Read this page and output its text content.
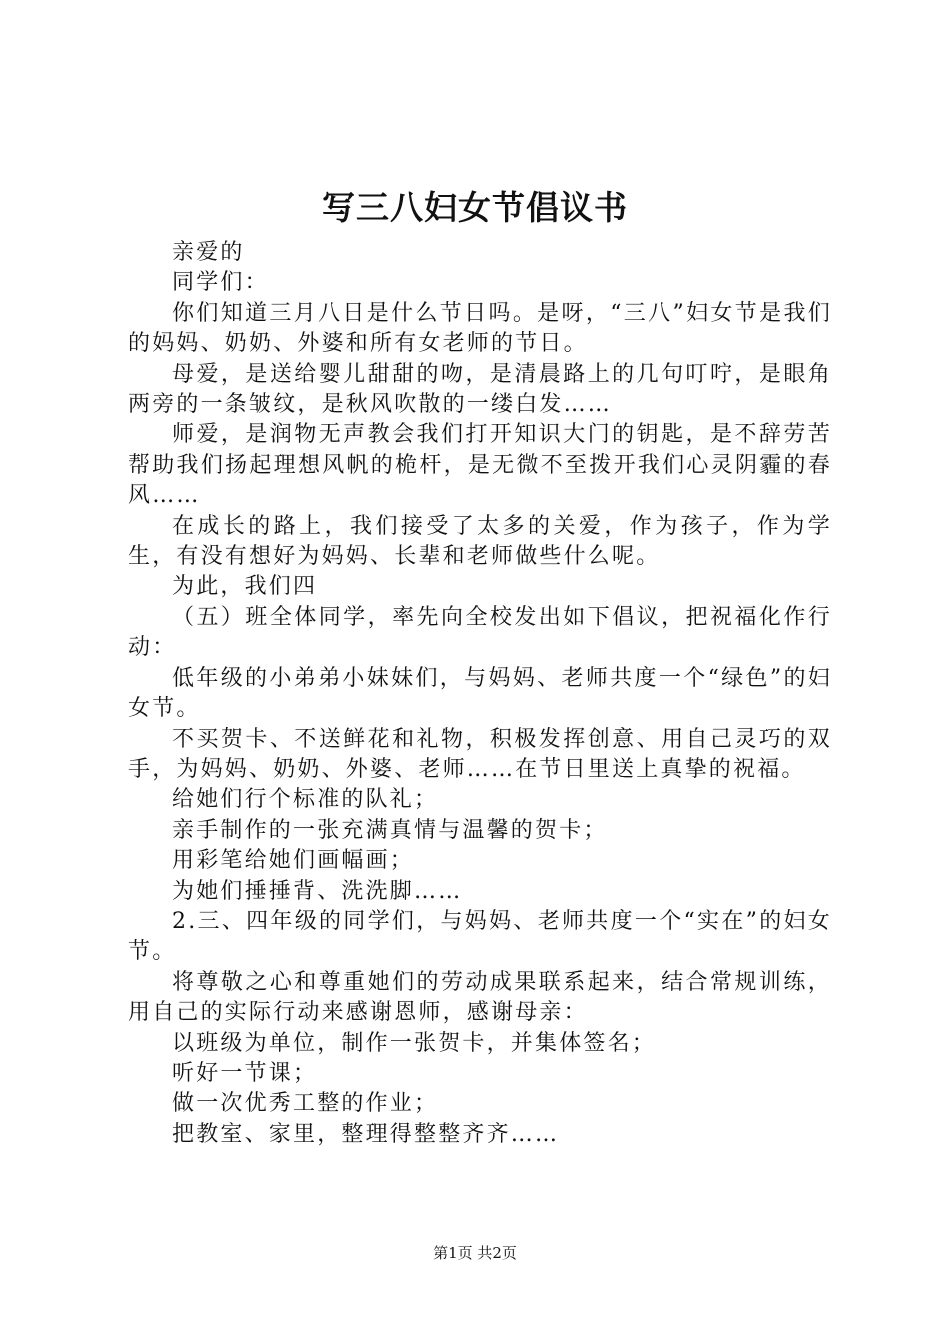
写三八妇女节倡议书

亲爱的

同学们：

你们知道三月八日是什么节日吗。是呀，“三八”妇女节是我们的妈妈、奶奶、外婆和所有女老师的节日。

母爱，是送给婴儿甜甜的吻，是清晨路上的几句叮咛，是眼角两旁的一条皱纹，是秋风吹散的一缕白发……

师爱，是润物无声教会我们打开知识大门的钥匙，是不辞劳苦帮助我们扬起理想风帆的桅杆，是无微不至拨开我们心灵阴霾的春风……

在成长的路上，我们接受了太多的关爱，作为孩子，作为学生，有没有想好为妈妈、长辈和老师做些什么呢。

为此，我们四

（五）班全体同学，率先向全校发出如下倡议，把祝福化作行动：

低年级的小弟弟小妹妹们，与妈妈、老师共度一个“绿色”的妇女节。

不买贺卡、不送鲜花和礼物，积极发挥创意、用自己灵巧的双手，为妈妈、奶奶、外婆、老师……在节日里送上真挚的祝福。

给她们行个标准的队礼；

亲手制作的一张充满真情与温馨的贺卡；

用彩笔给她们画幅画；

为她们捶捶背、洗洗脚……

2.三、四年级的同学们，与妈妈、老师共度一个“实在”的妇女节。

将尊敬之心和尊重她们的劳动成果联系起来，结合常规训练，用自己的实际行动来感谢恩师，感谢母亲：

以班级为单位，制作一张贺卡，并集体签名；

听好一节课；

做一次优秀工整的作业；

把教室、家里，整理得整整齐齐……

第1页 共2页
